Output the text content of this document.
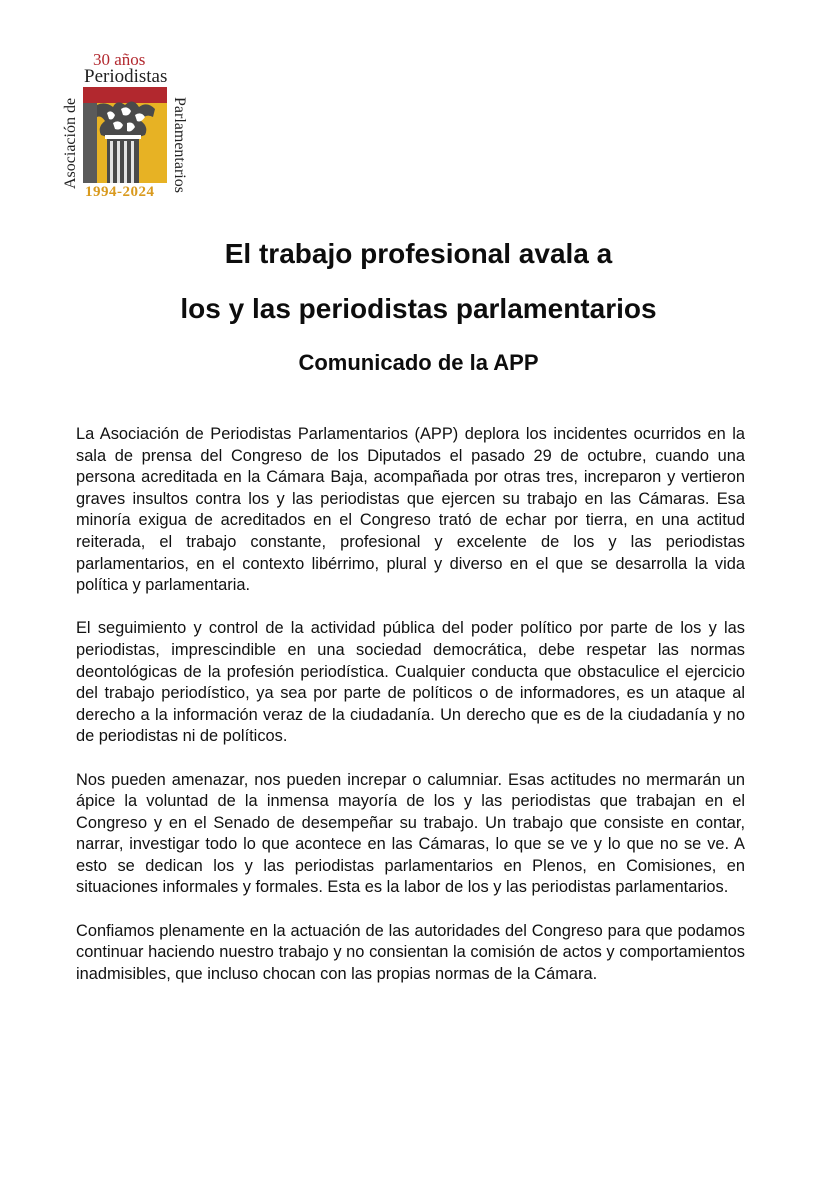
30 años
Periodistas
Asociación de	Parlamentarios
1994-2024
El trabajo profesional avala a
los y las periodistas parlamentarios
Comunicado de la APP

La Asociación de Periodistas Parlamentarios (APP) deplora los incidentes ocurridos en la sala de prensa del Congreso de los Diputados el pasado 29 de octubre, cuando una persona acreditada en la Cámara Baja, acompañada por otras tres, increparon y vertieron graves insultos contra los y las periodistas que ejercen su trabajo en las Cámaras. Esa minoría exigua de acreditados en el Congreso trató de echar por tierra, en una actitud reiterada, el trabajo constante, profesional y excelente de los y las periodistas parlamentarios, en el contexto libérrimo, plural y diverso en el que se desarrolla la vida política y parlamentaria.

El seguimiento y control de la actividad pública del poder político por parte de los y las periodistas, imprescindible en una sociedad democrática, debe respetar las normas deontológicas de la profesión periodística. Cualquier conducta que obstaculice el ejercicio del trabajo periodístico, ya sea por parte de políticos o de informadores, es un ataque al derecho a la información veraz de la ciudadanía. Un derecho que es de la ciudadanía y no de periodistas ni de políticos.

Nos pueden amenazar, nos pueden increpar o calumniar. Esas actitudes no mermarán un ápice la voluntad de la inmensa mayoría de los y las periodistas que trabajan en el Congreso y en el Senado de desempeñar su trabajo. Un trabajo que consiste en contar, narrar, investigar todo lo que acontece en las Cámaras, lo que se ve y lo que no se ve. A esto se dedican los y las periodistas parlamentarios en Plenos, en Comisiones, en situaciones informales y formales. Esta es la labor de los y las periodistas parlamentarios.

Confiamos plenamente en la actuación de las autoridades del Congreso para que podamos continuar haciendo nuestro trabajo y no consientan la comisión de actos y comportamientos inadmisibles, que incluso chocan con las propias normas de la Cámara.
